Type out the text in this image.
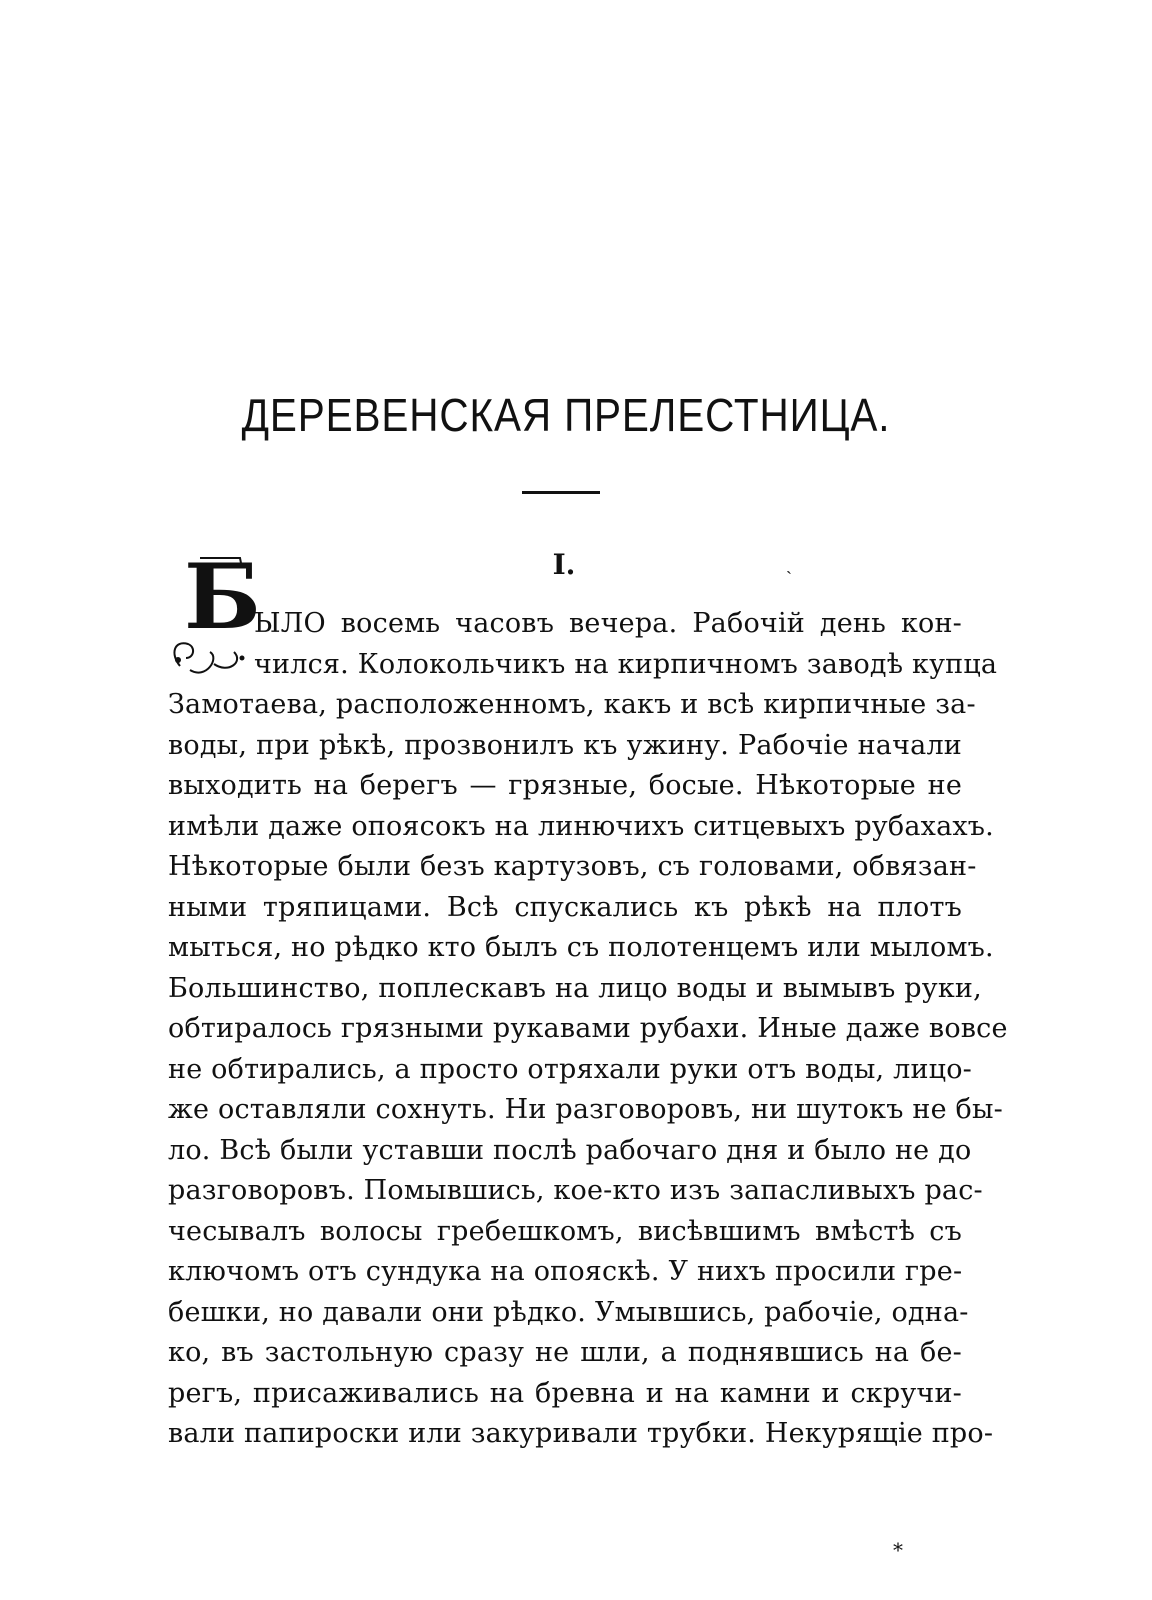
ДЕРЕВЕНСКАЯ ПРЕЛЕСТНИЦА.
I.	ˏ
Б

ЫЛО восемь часовъ вечера. Рабочій день кон-

чился. Колокольчикъ на кирпичномъ заводѣ купца

Замотаева, расположенномъ, какъ и всѣ кирпичные за-

воды, при рѣкѣ, прозвонилъ къ ужину. Рабочіе начали

выходить на берегъ — грязные, босые. Нѣкоторые не

имѣли даже опоясокъ на линючихъ ситцевыхъ рубахахъ.

Нѣкоторые были безъ картузовъ, съ головами, обвязан-

ными тряпицами. Всѣ спускались къ рѣкѣ на плотъ

мыться, но рѣдко кто былъ съ полотенцемъ или мыломъ.

Большинство, поплескавъ на лицо воды и вымывъ руки,

обтиралось грязными рукавами рубахи. Иные даже вовсе

не обтирались, а просто отряхали руки отъ воды, лицо-

же оставляли сохнуть. Ни разговоровъ, ни шутокъ не бы-

ло. Всѣ были уставши послѣ рабочаго дня и было не до

разговоровъ. Помывшись, кое-кто изъ запасливыхъ рас-

чесывалъ волосы гребешкомъ, висѣвшимъ вмѣстѣ съ

ключомъ отъ сундука на опояскѣ. У нихъ просили гре-

бешки, но давали они рѣдко. Умывшись, рабочіе, одна-

ко, въ застольную сразу не шли, а поднявшись на бе-

регъ, присаживались на бревна и на камни и скручи-

вали папироски или закуривали трубки. Некурящіе про-

*
